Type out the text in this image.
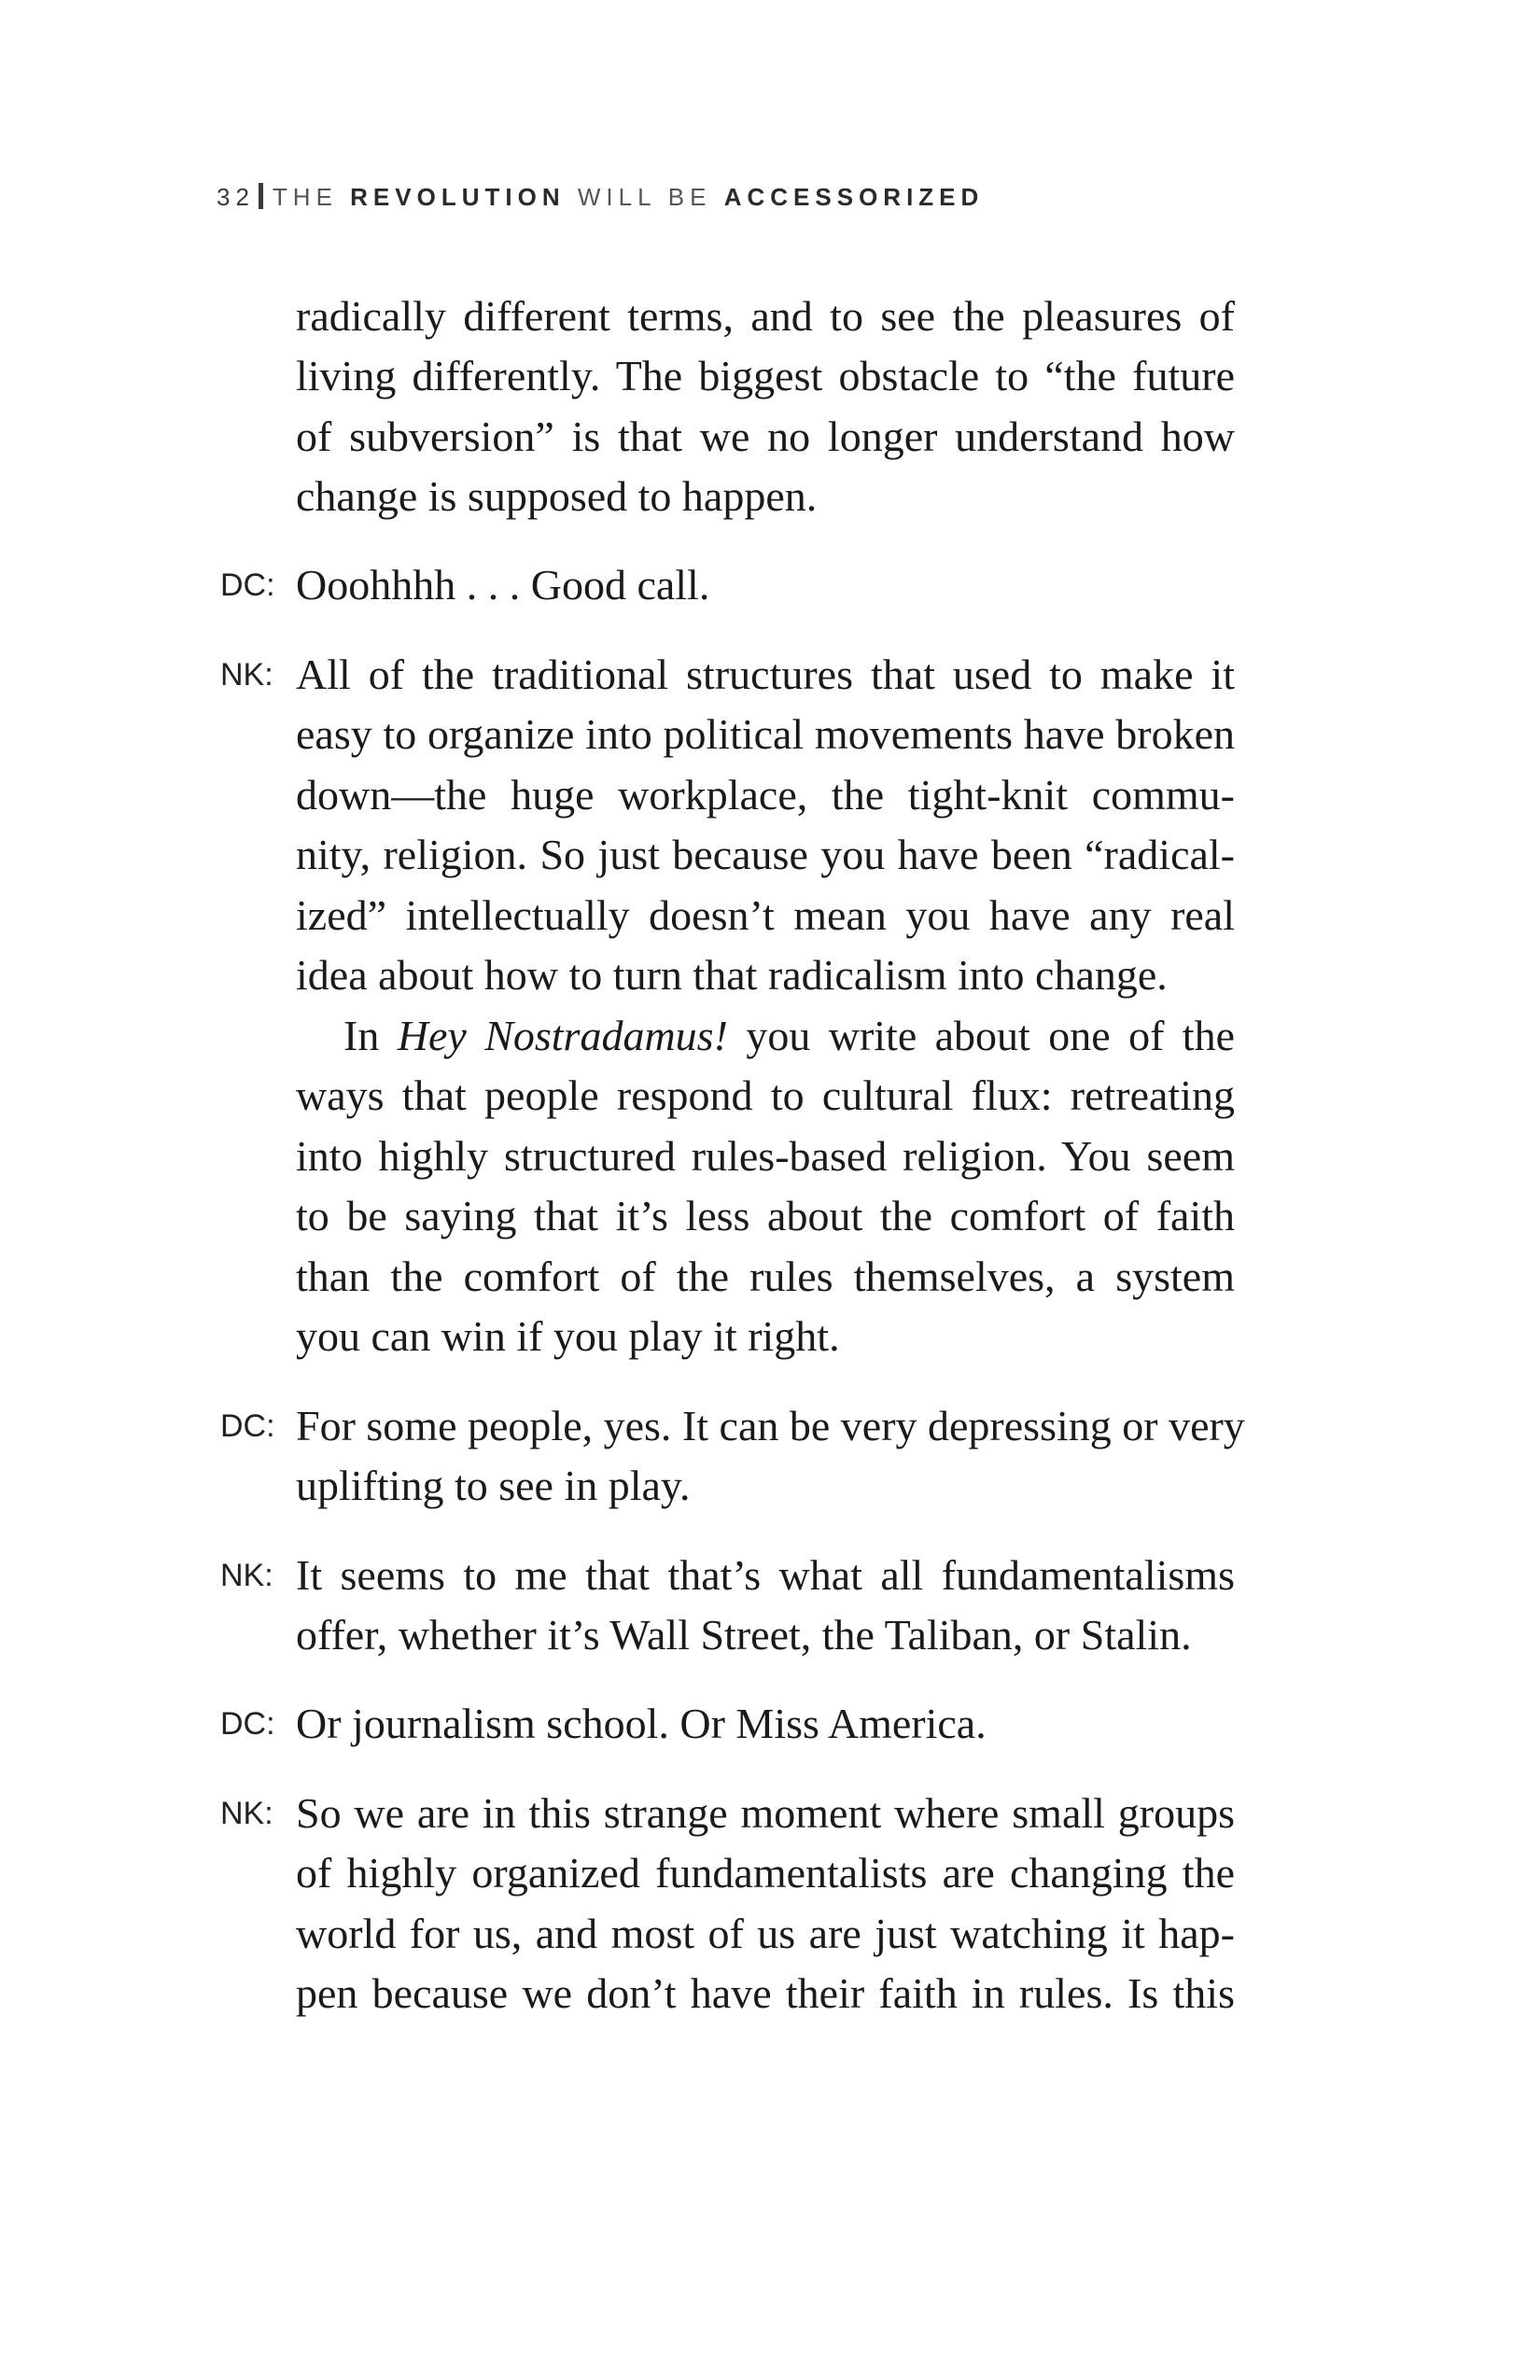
32 THE REVOLUTION WILL BE ACCESSORIZED
radically different terms, and to see the pleasures of
living differently. The biggest obstacle to “the future
of subversion” is that we no longer understand how
change is supposed to happen.
DC: Ooohhhh . . . Good call.
NK: All of the traditional structures that used to make it
easy to organize into political movements have broken
down—the huge workplace, the tight-knit commu-
nity, religion. So just because you have been “radical-
ized” intellectually doesn’t mean you have any real
idea about how to turn that radicalism into change.
In Hey Nostradamus! you write about one of the
ways that people respond to cultural flux: retreating
into highly structured rules-based religion. You seem
to be saying that it’s less about the comfort of faith
than the comfort of the rules themselves, a system
you can win if you play it right.
DC: For some people, yes. It can be very depressing or very
uplifting to see in play.
NK: It seems to me that that’s what all fundamentalisms
offer, whether it’s Wall Street, the Taliban, or Stalin.
DC: Or journalism school. Or Miss America.
NK: So we are in this strange moment where small groups
of highly organized fundamentalists are changing the
world for us, and most of us are just watching it hap-
pen because we don’t have their faith in rules. Is this
